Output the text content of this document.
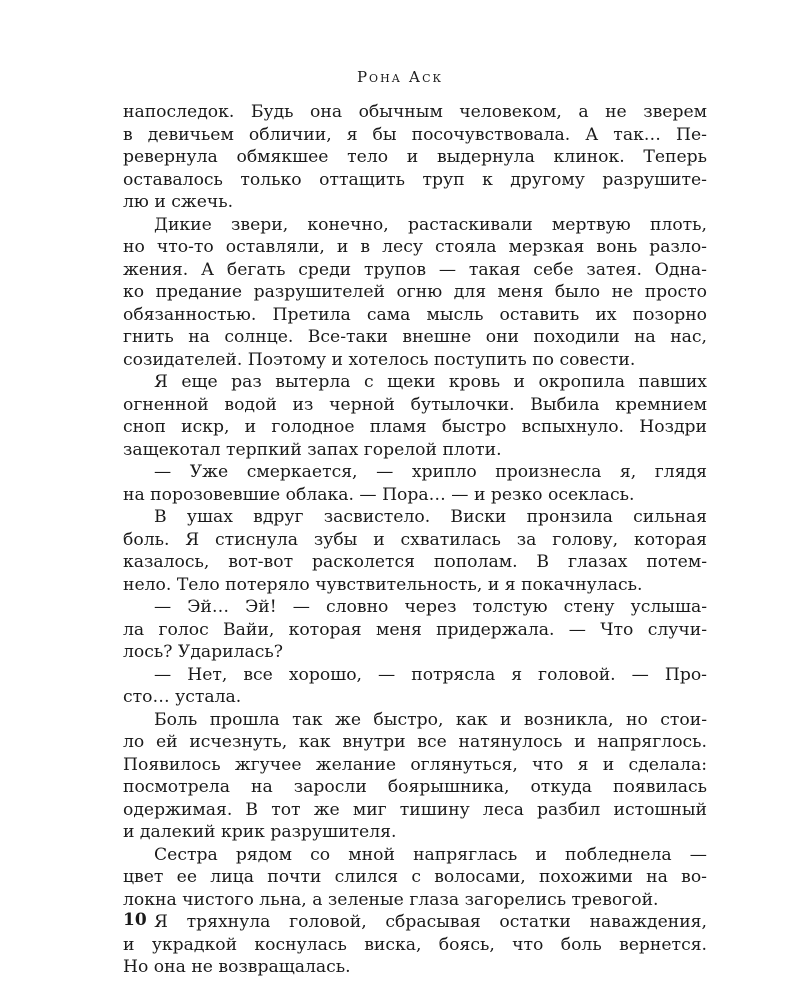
Рона Аск
напоследок. Будь она обычным человеком, а не зверем
в девичьем обличии, я бы посочувствовала. А так… Пе-
ревернула обмякшее тело и выдернула клинок. Теперь
оставалось только оттащить труп к другому разрушите-
лю и сжечь.
Дикие звери, конечно, растаскивали мертвую плоть,
но что-то оставляли, и в лесу стояла мерзкая вонь разло-
жения. А бегать среди трупов — такая себе затея. Одна-
ко предание разрушителей огню для меня было не просто
обязанностью. Претила сама мысль оставить их позорно
гнить на солнце. Все-таки внешне они походили на нас,
созидателей. Поэтому и хотелось поступить по совести.
Я еще раз вытерла с щеки кровь и окропила павших
огненной водой из черной бутылочки. Выбила кремнием
сноп искр, и голодное пламя быстро вспыхнуло. Ноздри
защекотал терпкий запах горелой плоти.
— Уже смеркается, — хрипло произнесла я, глядя
на порозовевшие облака. — Пора… — и резко осеклась.
В ушах вдруг засвистело. Виски пронзила сильная
боль. Я стиснула зубы и схватилась за голову, которая
казалось, вот-вот расколется пополам. В глазах потем-
нело. Тело потеряло чувствительность, и я покачнулась.
— Эй… Эй! — словно через толстую стену услыша-
ла голос Вайи, которая меня придержала. — Что случи-
лось? Ударилась?
— Нет, все хорошо, — потрясла я головой. — Про-
сто… устала.
Боль прошла так же быстро, как и возникла, но стои-
ло ей исчезнуть, как внутри все натянулось и напряглось.
Появилось жгучее желание оглянуться, что я и сделала:
посмотрела на заросли боярышника, откуда появилась
одержимая. В тот же миг тишину леса разбил истошный
и далекий крик разрушителя.
Сестра рядом со мной напряглась и побледнела —
цвет ее лица почти слился с волосами, похожими на во-
локна чистого льна, а зеленые глаза загорелись тревогой.
Я тряхнула головой, сбрасывая остатки наваждения,
и украдкой коснулась виска, боясь, что боль вернется.
Но она не возвращалась.
10
